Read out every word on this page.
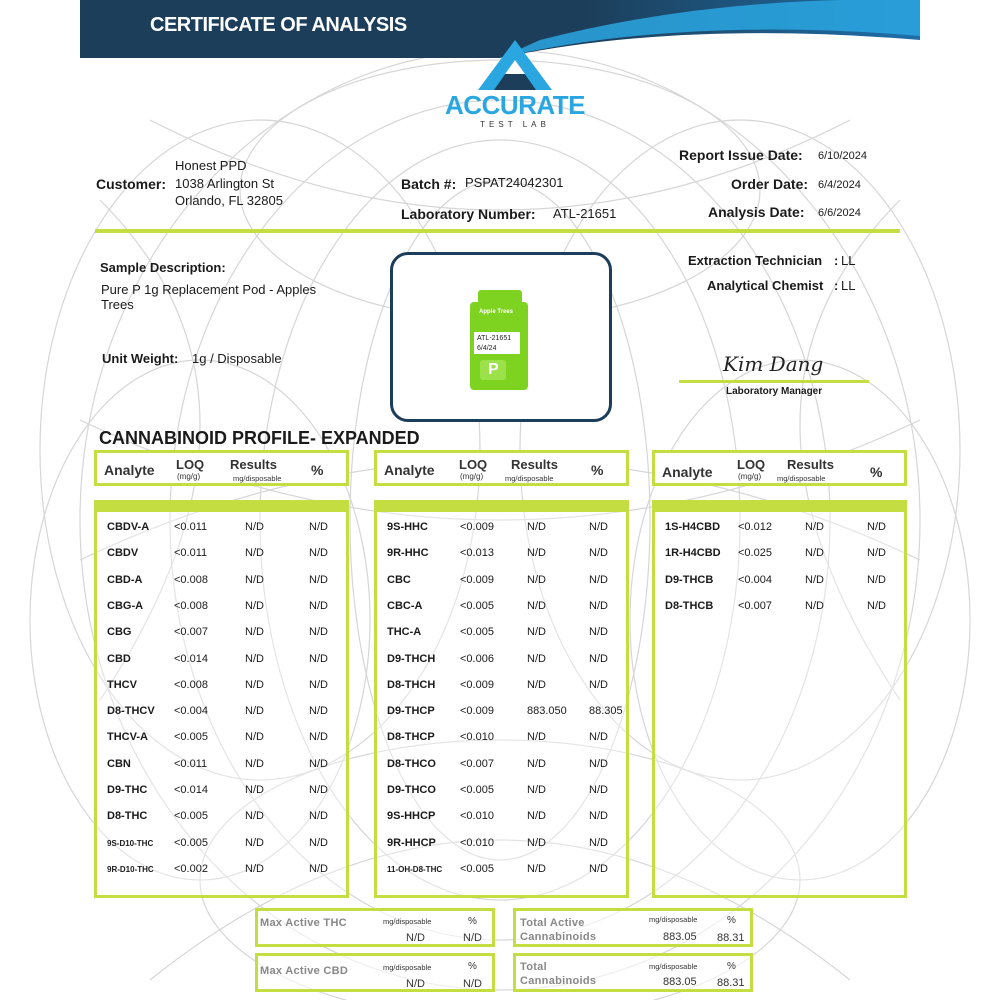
CERTIFICATE OF ANALYSIS
ACCURATE
TEST LAB
Customer:
Honest PPD
1038 Arlington St
Orlando, FL 32805
Batch #: PSPAT24042301
Laboratory Number: ATL-21651
Report Issue Date: 6/10/2024
Order Date: 6/4/2024
Analysis Date: 6/6/2024
Sample Description:
Pure P 1g Replacement Pod - Apples
Trees
Unit Weight: 1g / Disposable
Apple Trees
ATL-21651
6/4/24
P
Extraction Technician : LL
Analytical Chemist : LL
Kim Dang
Laboratory Manager
CANNABINOID PROFILE- EXPANDED
Analyte LOQ
(mg/g)
Results
mg/disposable
%
CBDV-A <0.011	N/D	N/D
CBDV	<0.011	N/D	N/D
CBD-A	<0.008	N/D	N/D
CBG-A	<0.008	N/D	N/D
CBG	<0.007	N/D	N/D
CBD	<0.014	N/D	N/D
THCV	<0.008	N/D	N/D
D8-THCV <0.004	N/D	N/D
THCV-A <0.005	N/D	N/D
CBN	<0.011	N/D	N/D
D9-THC <0.014	N/D	N/D
D8-THC <0.005	N/D	N/D
9S-D10-THC <0.005	N/D	N/D
9R-D10-THC <0.002	N/D	N/D
Analyte LOQ
(mg/g)
Results
mg/disposable
%
9S-HHC	<0.009	N/D	N/D
9R-HHC	<0.013	N/D	N/D
CBC	<0.009	N/D	N/D
CBC-A	<0.005	N/D	N/D
THC-A	<0.005	N/D	N/D
D9-THCH <0.006	N/D	N/D
D8-THCH <0.009	N/D	N/D
D9-THCP <0.009	883.050 88.305
D8-THCP <0.010	N/D	N/D
D8-THCO <0.007	N/D	N/D
D9-THCO <0.005	N/D	N/D
9S-HHCP <0.010	N/D	N/D
9R-HHCP <0.010	N/D	N/D
11-OH-D8-THC <0.005	N/D	N/D
Analyte LOQ
(mg/g)
Results
mg/disposable	%
1S-H4CBD <0.012	N/D	N/D
1R-H4CBD <0.025	N/D	N/D
D9-THCB <0.004	N/D	N/D
D8-THCB <0.007	N/D	N/D
Max Active THC	mg/disposable	%
N/D	N/D
Max Active CBD	mg/disposable	%
N/D	N/D
Total Active
Cannabinoids
mg/disposable	%
883.05 88.31
Total
Cannabinoids
mg/disposable	%
883.05 88.31
